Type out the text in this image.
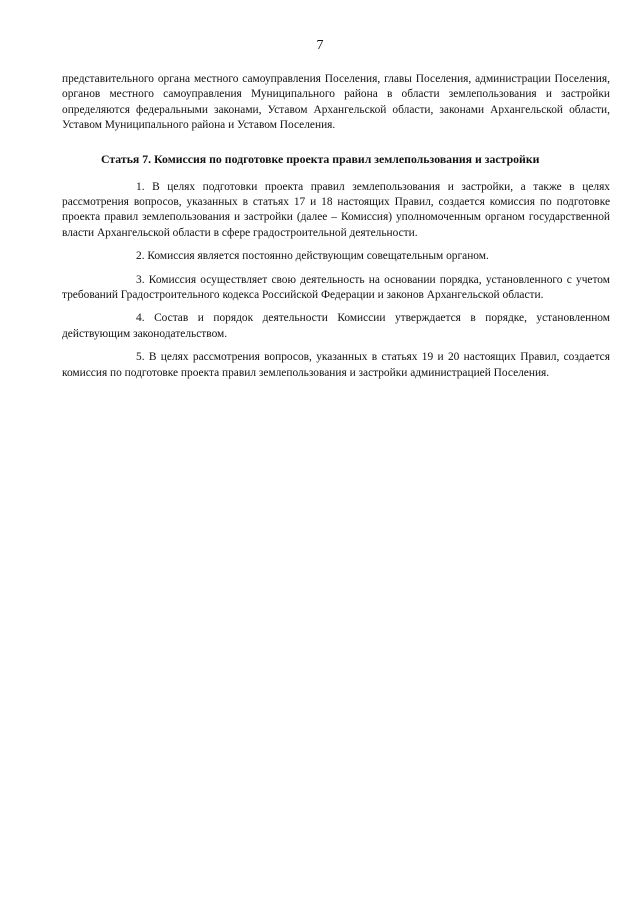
7

представительного органа местного самоуправления Поселения, главы Поселения, администрации Поселения, органов местного самоуправления Муниципального района в области землепользования и застройки определяются федеральными законами, Уставом Архангельской области, законами Архангельской области, Уставом Муниципального района и Уставом Поселения.

Статья 7. Комиссия по подготовке проекта правил землепользования и застройки

1. В целях подготовки проекта правил землепользования и застройки, а также в целях рассмотрения вопросов, указанных в статьях 17 и 18 настоящих Правил, создается комиссия по подготовке проекта правил землепользования и застройки (далее – Комиссия) уполномоченным органом государственной власти Архангельской области в сфере градостроительной деятельности.

2. Комиссия является постоянно действующим совещательным органом.

3. Комиссия осуществляет свою деятельность на основании порядка, установленного с учетом требований Градостроительного кодекса Российской Федерации и законов Архангельской области.

4. Состав и порядок деятельности Комиссии утверждается в порядке, установленном действующим законодательством.

5. В целях рассмотрения вопросов, указанных в статьях 19 и 20 настоящих Правил, создается комиссия по подготовке проекта правил землепользования и застройки администрацией Поселения.
